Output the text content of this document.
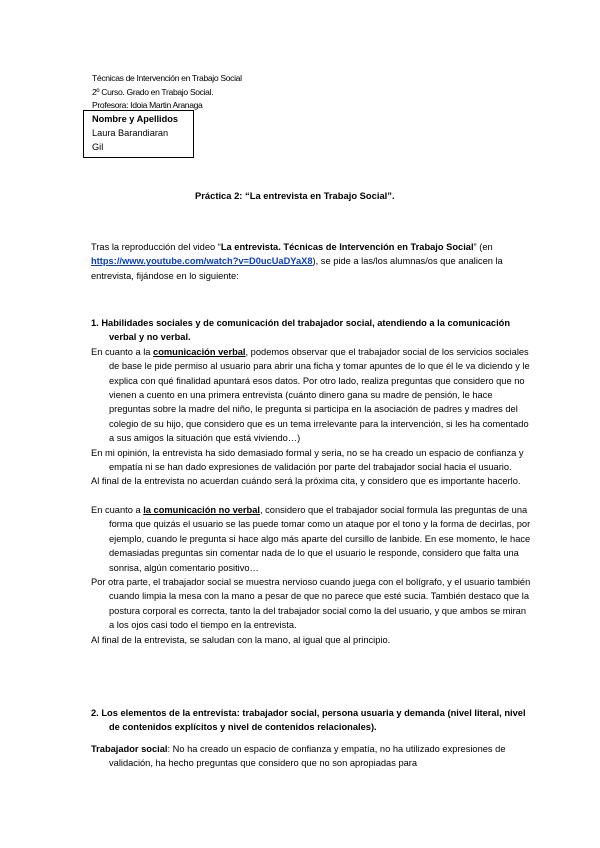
Técnicas de Intervención en Trabajo Social
2º Curso. Grado en Trabajo Social.
Profesora: Idoia Martin Aranaga
Nombre y Apellidos
Laura Barandiaran
Gil
Práctica 2: “La entrevista en Trabajo Social”.

Tras la reproducción del video “La entrevista. Técnicas de Intervención en Trabajo Social” (en
https://www.youtube.com/watch?v=D0ucUaDYaX8), se pide a las/los alumnas/os que analicen la entrevista, fijándose en lo siguiente:

1. Habilidades sociales y de comunicación del trabajador social, atendiendo a la comunicación verbal y no verbal.

En cuanto a la comunicación verbal, podemos observar que el trabajador social de los servicios sociales de base le pide permiso al usuario para abrir una ficha y tomar apuntes de lo que él le va diciendo y le explica con qué finalidad apuntará esos datos. Por otro lado, realiza preguntas que considero que no vienen a cuento en una primera entrevista (cuánto dinero gana su madre de pensión, le hace preguntas sobre la madre del niño, le pregunta si participa en la asociación de padres y madres del colegio de su hijo, que considero que es un tema irrelevante para la intervención, si les ha comentado a sus amigos la situación que está viviendo…)

En mi opinión, la entrevista ha sido demasiado formal y seria, no se ha creado un espacio de confianza y empatía ni se han dado expresiones de validación por parte del trabajador social hacia el usuario.

Al final de la entrevista no acuerdan cuándo será la próxima cita, y considero que es importante hacerlo.

En cuanto a la comunicación no verbal, considero que el trabajador social formula las preguntas de una forma que quizás el usuario se las puede tomar como un ataque por el tono y la forma de decirlas, por ejemplo, cuando le pregunta si hace algo más aparte del cursillo de lanbide. En ese momento, le hace demasiadas preguntas sin comentar nada de lo que el usuario le responde, considero que falta una sonrisa, algún comentario positivo…

Por otra parte, el trabajador social se muestra nervioso cuando juega con el bolígrafo, y el usuario también cuando limpia la mesa con la mano a pesar de que no parece que esté sucia. También destaco que la postura corporal es correcta, tanto la del trabajador social como la del usuario, y que ambos se miran a los ojos casi todo el tiempo en la entrevista.

Al final de la entrevista, se saludan con la mano, al igual que al principio.

2. Los elementos de la entrevista: trabajador social, persona usuaria y demanda (nivel literal, nivel de contenidos explícitos y nivel de contenidos relacionales).

Trabajador social: No ha creado un espacio de confianza y empatía, no ha utilizado expresiones de validación, ha hecho preguntas que considero que no son apropiadas para
